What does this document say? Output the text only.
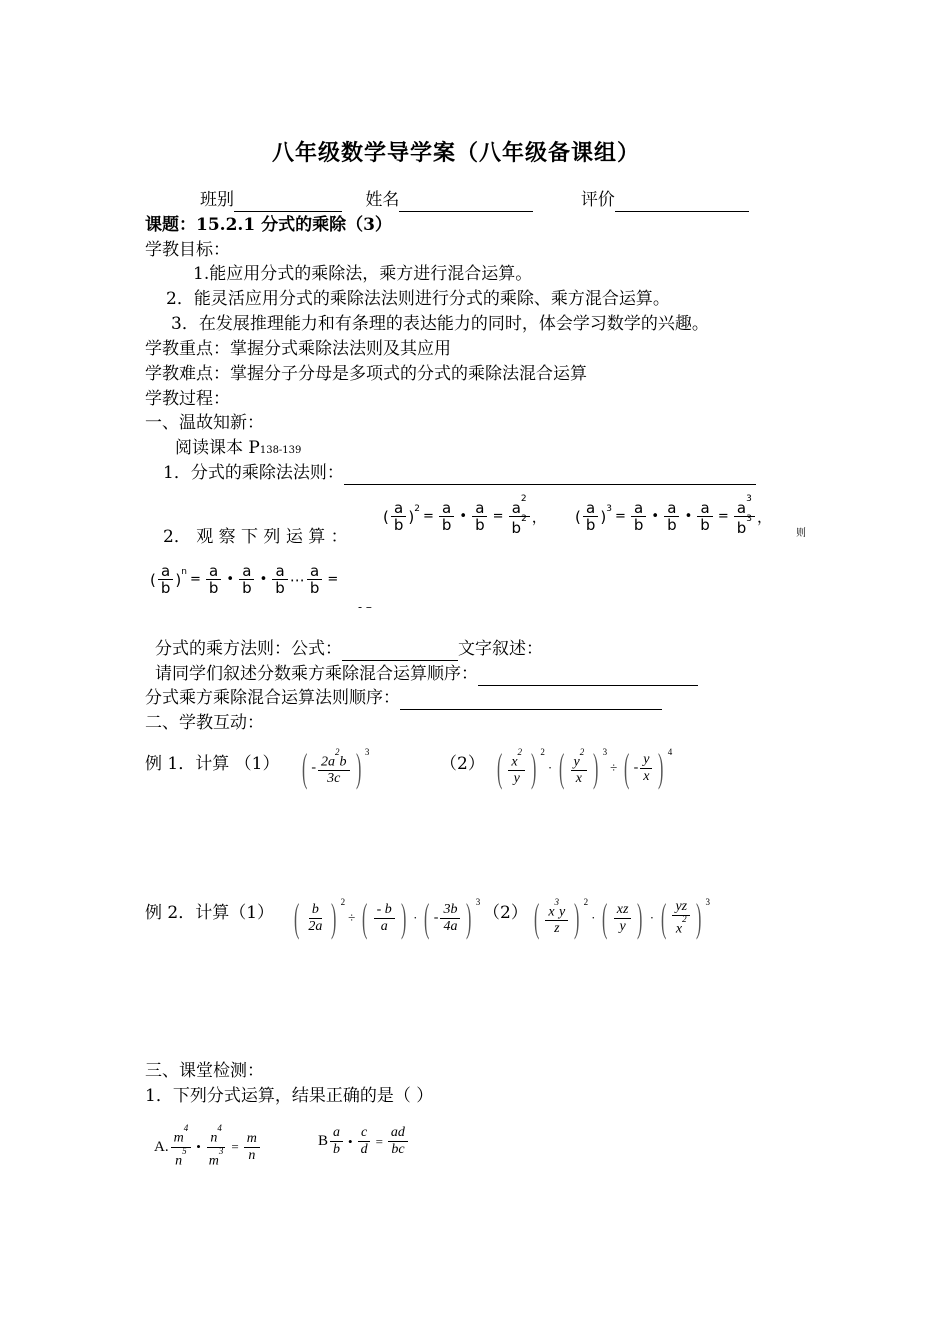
八年级数学导学案（八年级备课组）
班别	姓名	评价
课题：15.2.1 分式的乘除（3）
学教目标：
1.能应用分式的乘除法，乘方进行混合运算。
2．能灵活应用分式的乘除法法则进行分式的乘除、乘方混合运算。
3．在发展推理能力和有条理的表达能力的同时，体会学习数学的兴趣。
学教重点：掌握分式乘除法法则及其应用
学教难点：掌握分子分母是多项式的分式的乘除法混合运算
学教过程：
一、温故知新：
阅读课本 P138-139
1．分式的乘除法法则：
2． 观 察 下 列 运 算 ：
( $\frac{a}{b}$ ) 2
= $\frac{a}{b}$ • $\frac{a}{b} = \frac{a^2}{b^2}$ ， ( $\frac{a}{b}$ ) 3
= $\frac{a}{b}$ • $\frac{a}{b}$ • $\frac{a}{b} = \frac{a^3}{b^3}$ ，
则
( $\frac{a}{b}$ ) n
= $\frac{a}{b}$ • $\frac{a}{b}$ • $\frac{a}{b}$ ⋯ $\frac{a}{b}$ =
- –
分式的乘方法则：公式：	文字叙述：
请同学们叙述分数乘方乘除混合运算顺序：
分式乘方乘除混合运算法则顺序：
二、学教互动：
例 1．计算 （1） ( - $\frac{2a^2b}{3c}$ ) 3
（2） ( $\frac{x^2}{y}$ ) 2
· ( $\frac{y^2}{x}$ ) 3
÷ ( - $\frac{y}{x}$ ) 4
例 2．计算（1） ( $\frac{b}{2a}$ ) 2
÷ ( $\frac{- b}{a}$ ) · ( - $\frac{3b}{4a}$ ) 3
（2） ( $\frac{x^3y}{z}$ ) 2
· ( $\frac{xz}{y}$ ) · ( $\frac{yz}{x^2}$ ) 3
三、课堂检测：
1．下列分式运算，结果正确的是（ ）
A. $\frac{m^4}{n^5}$ • $\frac{n^4}{m^3} = \frac{m}{n}$	B $\frac{a}{b}$ • $\frac{c}{d} = \frac{ad}{bc}$
